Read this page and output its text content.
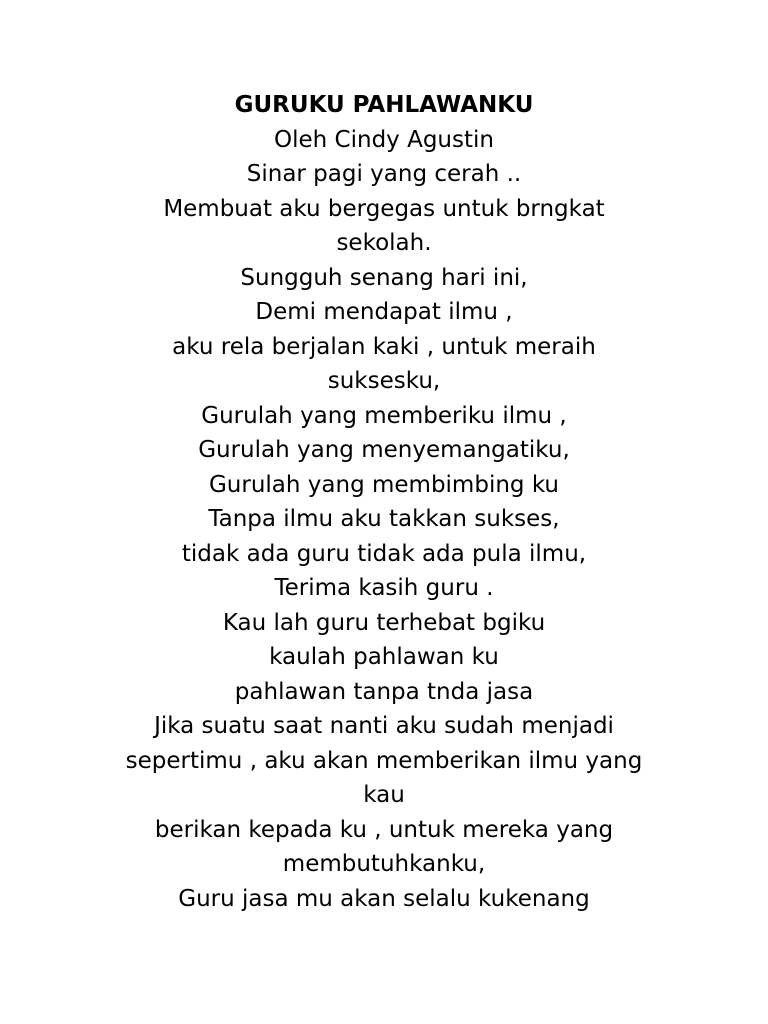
GURUKU PAHLAWANKU

Oleh Cindy Agustin

Sinar pagi yang cerah ..

Membuat aku bergegas untuk brngkat

sekolah.

Sungguh senang hari ini,

Demi mendapat ilmu ,

aku rela berjalan kaki , untuk meraih

suksesku,

Gurulah yang memberiku ilmu ,

Gurulah yang menyemangatiku,

Gurulah yang membimbing ku

Tanpa ilmu aku takkan sukses,

tidak ada guru tidak ada pula ilmu,

Terima kasih guru .

Kau lah guru terhebat bgiku

kaulah pahlawan ku

pahlawan tanpa tnda jasa

Jika suatu saat nanti aku sudah menjadi

sepertimu , aku akan memberikan ilmu yang

kau

berikan kepada ku , untuk mereka yang

membutuhkanku,

Guru jasa mu akan selalu kukenang
